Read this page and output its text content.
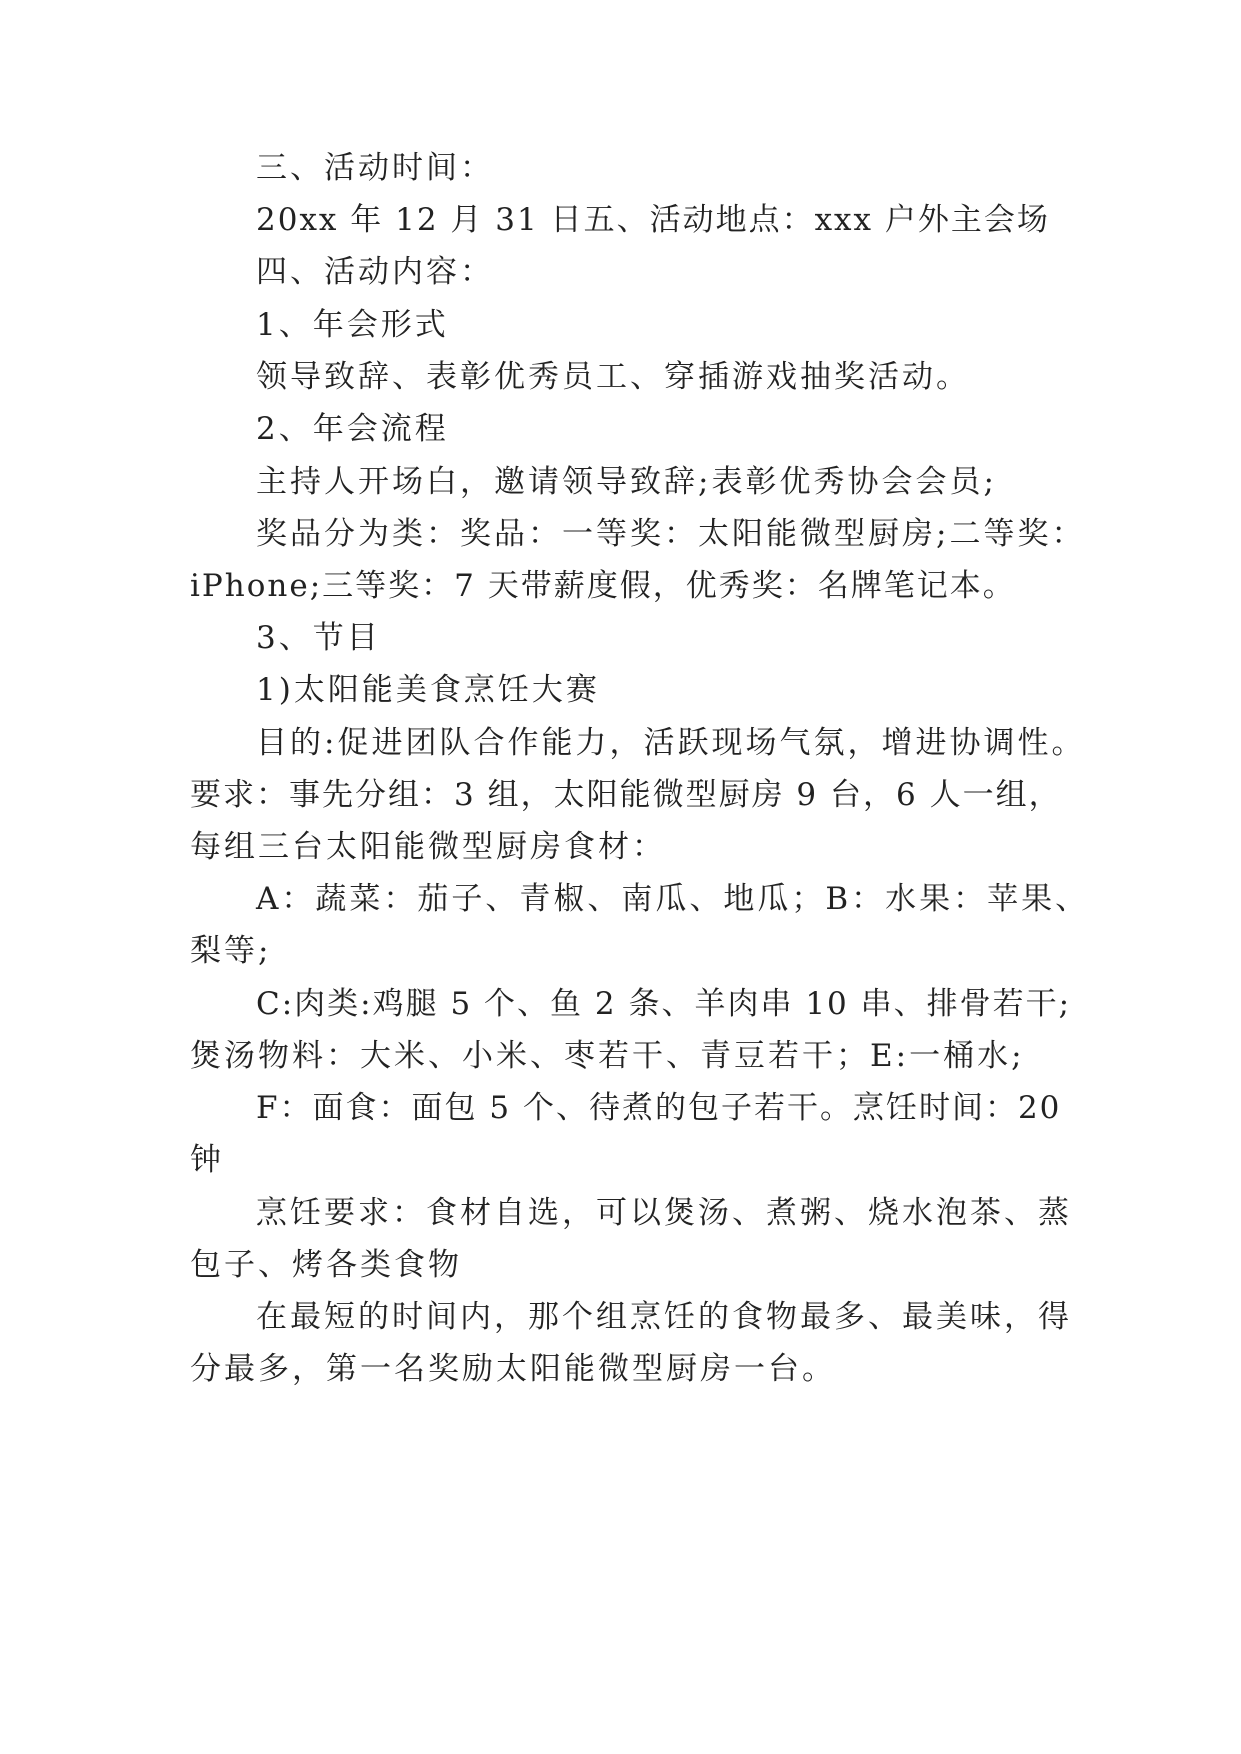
三、活动时间：
20xx 年 12 月 31 日五、活动地点：xxx 户外主会场
四、活动内容：
1、年会形式
领导致辞、表彰优秀员工、穿插游戏抽奖活动。
2、年会流程
主持人开场白，邀请领导致辞;表彰优秀协会会员;
奖品分为类：奖品：一等奖：太阳能微型厨房;二等奖：
iPhone;三等奖：7 天带薪度假，优秀奖：名牌笔记本。
3、节目
1)太阳能美食烹饪大赛
目的:促进团队合作能力，活跃现场气氛，增进协调性。
要求：事先分组：3 组，太阳能微型厨房 9 台，6 人一组，
每组三台太阳能微型厨房食材：
A：蔬菜：茄子、青椒、南瓜、地瓜；B：水果：苹果、
梨等;
C:肉类:鸡腿 5 个、鱼 2 条、羊肉串 10 串、排骨若干;
煲汤物料：大米、小米、枣若干、青豆若干；E:一桶水;
F：面食：面包 5 个、待煮的包子若干。烹饪时间：20
钟
烹饪要求：食材自选，可以煲汤、煮粥、烧水泡茶、蒸
包子、烤各类食物
在最短的时间内，那个组烹饪的食物最多、最美味，得
分最多，第一名奖励太阳能微型厨房一台。
